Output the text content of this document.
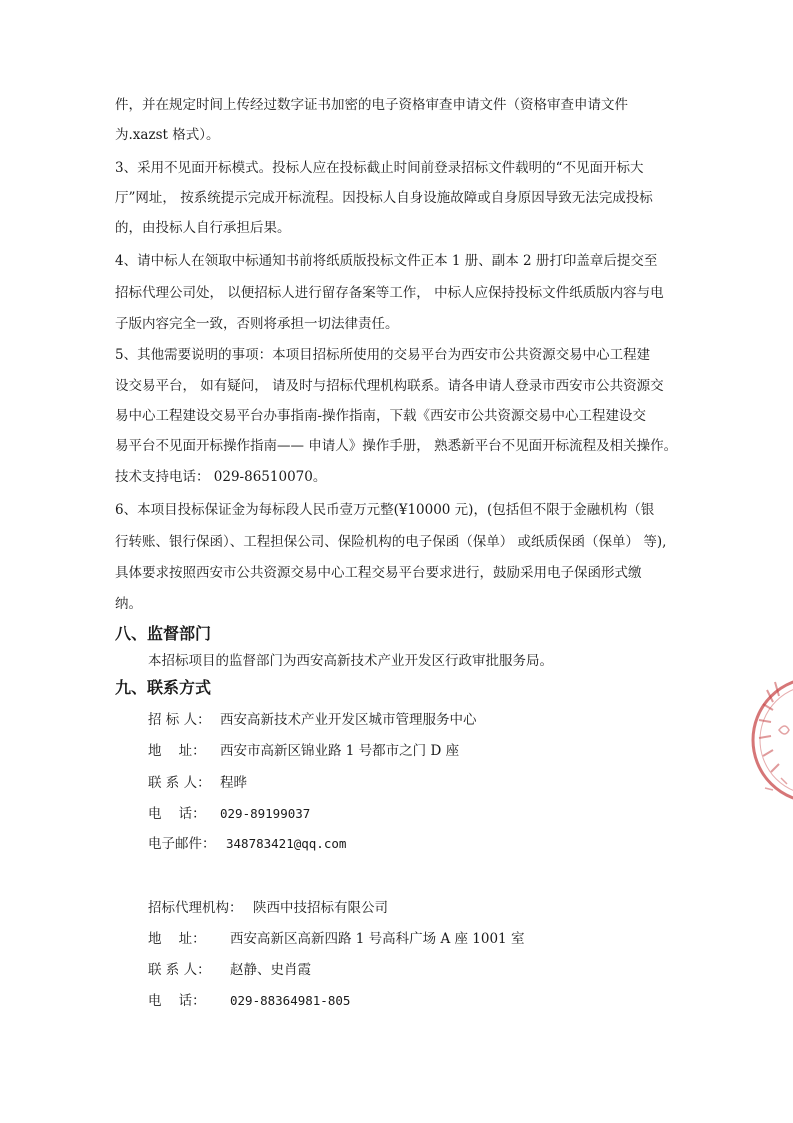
件，并在规定时间上传经过数字证书加密的电子资格审查申请文件（资格审查申请文件
为.xazst 格式）。
3、采用不见面开标模式。投标人应在投标截止时间前登录招标文件载明的“不见面开标大
厅”网址， 按系统提示完成开标流程。因投标人自身设施故障或自身原因导致无法完成投标
的，由投标人自行承担后果。
4、请中标人在领取中标通知书前将纸质版投标文件正本 1 册、副本 2 册打印盖章后提交至
招标代理公司处， 以便招标人进行留存备案等工作， 中标人应保持投标文件纸质版内容与电
子版内容完全一致，否则将承担一切法律责任。
5、其他需要说明的事项：本项目招标所使用的交易平台为西安市公共资源交易中心工程建
设交易平台， 如有疑问， 请及时与招标代理机构联系。请各申请人登录市西安市公共资源交
易中心工程建设交易平台办事指南-操作指南，下载《西安市公共资源交易中心工程建设交
易平台不见面开标操作指南—— 申请人》操作手册， 熟悉新平台不见面开标流程及相关操作。
技术支持电话： 029-86510070。
6、本项目投标保证金为每标段人民币壹万元整(¥10000 元)，(包括但不限于金融机构（银
行转账、银行保函）、工程担保公司、保险机构的电子保函（保单） 或纸质保函（保单） 等),
具体要求按照西安市公共资源交易中心工程交易平台要求进行，鼓励采用电子保函形式缴
纳。
八、监督部门
本招标项目的监督部门为西安高新技术产业开发区行政审批服务局。
九、联系方式
招 标 人： 西安高新技术产业开发区城市管理服务中心
地    址： 西安市高新区锦业路 1 号都市之门 D 座
联 系 人： 程晔
电    话： 029-89199037
电子邮件： 348783421@qq.com
招标代理机构： 陕西中技招标有限公司
地    址： 西安高新区高新四路 1 号高科广场 A 座 1001 室
联 系 人： 赵静、史肖霞
电    话： 029-88364981-805
